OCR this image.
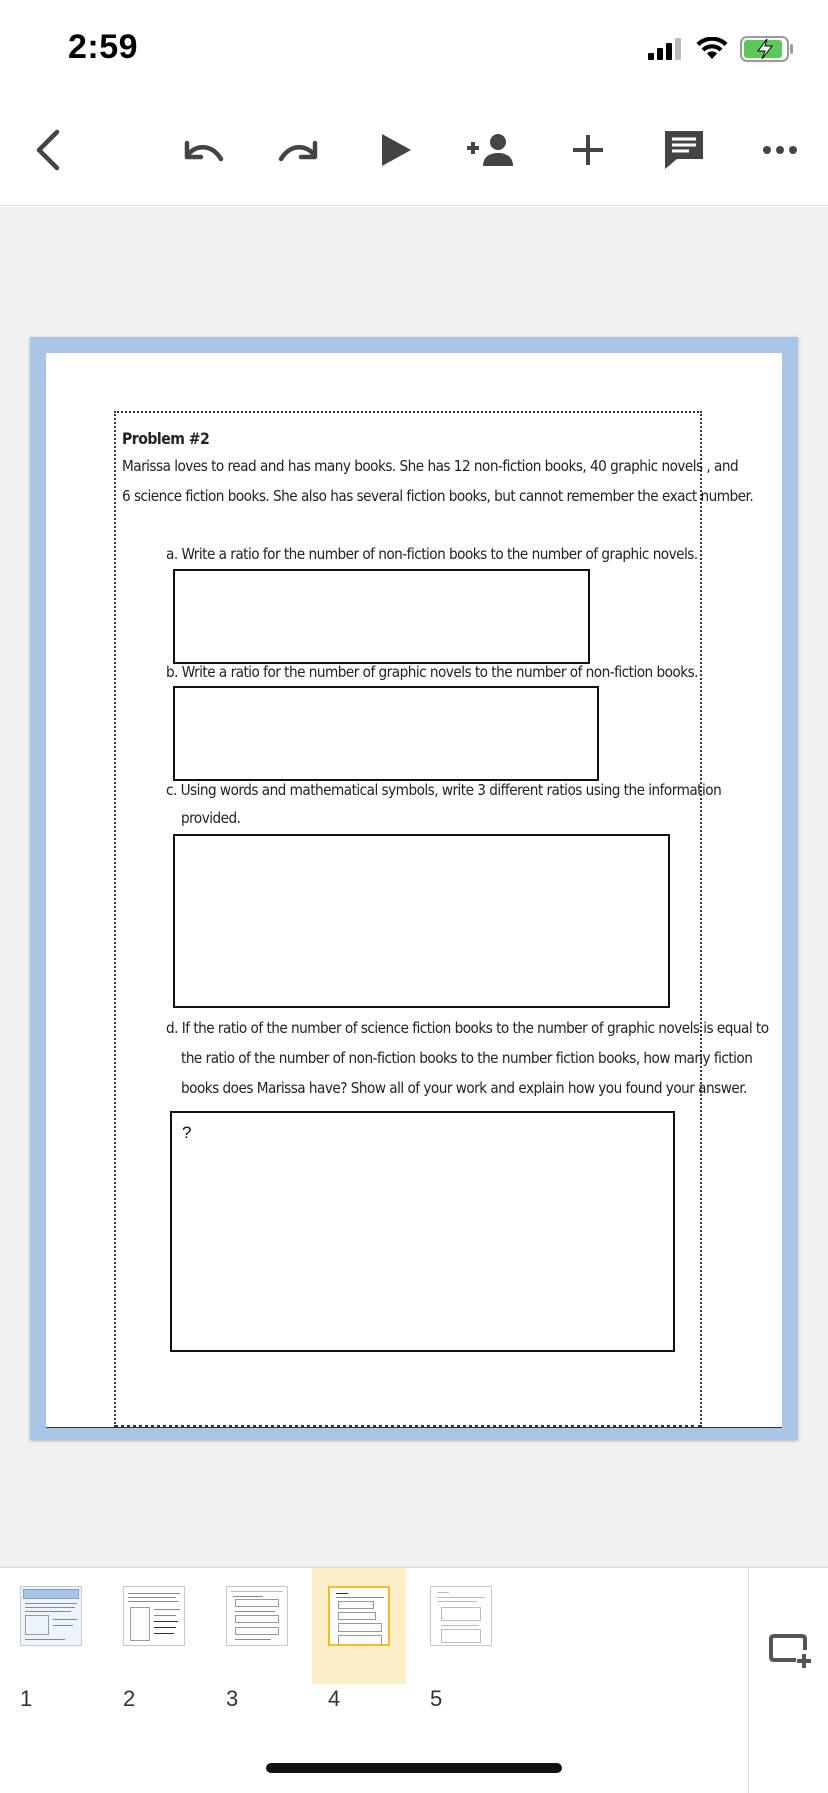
2:59
Problem #2
Marissa loves to read and has many books. She has 12 non-fiction books, 40 graphic novels , and
6 science fiction books. She also has several fiction books, but cannot remember the exact number.
a. Write a ratio for the number of non-fiction books to the number of graphic novels.
b. Write a ratio for the number of graphic novels to the number of non-fiction books.
c. Using words and mathematical symbols, write 3 different ratios using the information
provided.
d. If the ratio of the number of science fiction books to the number of graphic novels is equal to
the ratio of the number of non-fiction books to the number fiction books, how many fiction
books does Marissa have? Show all of your work and explain how you found your answer.
?
1	2	3	4	5
